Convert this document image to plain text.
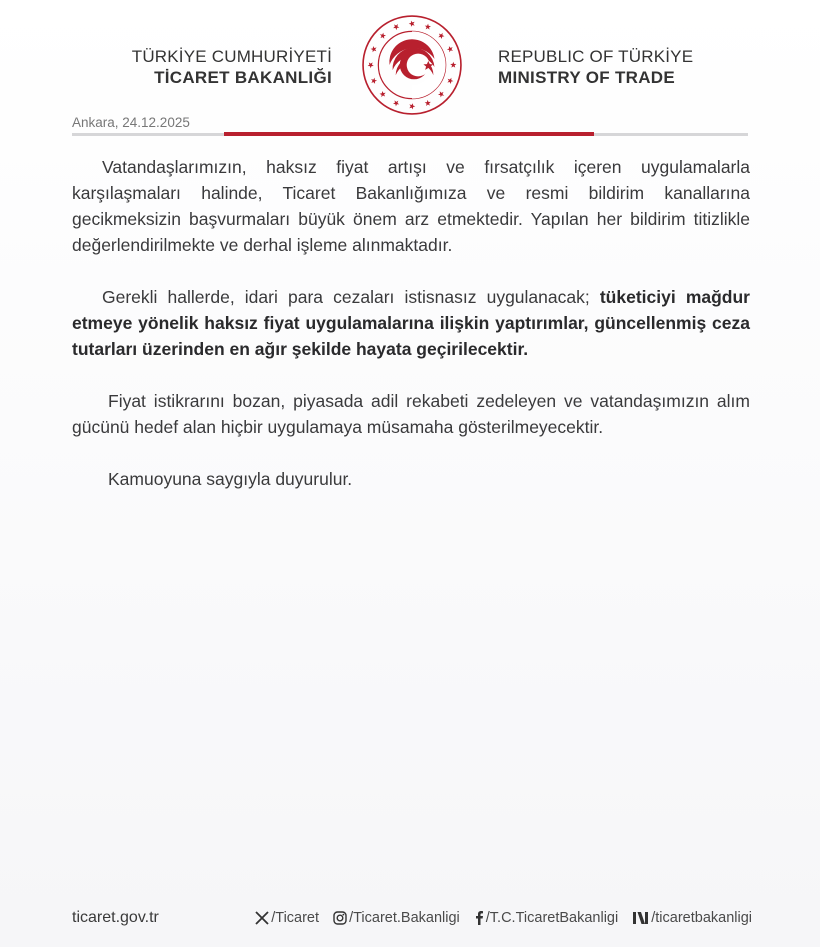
TÜRKİYE CUMHURİYETİ
TİCARET BAKANLIĞI
REPUBLIC OF TÜRKİYE
MINISTRY OF TRADE
Ankara, 24.12.2025

Vatandaşlarımızın, haksız fiyat artışı ve fırsatçılık içeren uygulamalarla karşılaşmaları halinde, Ticaret Bakanlığımıza ve resmi bildirim kanallarına gecikmeksizin başvurmaları büyük önem arz etmektedir. Yapılan her bildirim titizlikle değerlendirilmekte ve derhal işleme alınmaktadır.

Gerekli hallerde, idari para cezaları istisnasız uygulanacak; tüketiciyi mağdur etmeye yönelik haksız fiyat uygulamalarına ilişkin yaptırımlar, güncellenmiş ceza tutarları üzerinden en ağır şekilde hayata geçirilecektir.

Fiyat istikrarını bozan, piyasada adil rekabeti zedeleyen ve vatandaşımızın alım gücünü hedef alan hiçbir uygulamaya müsamaha gösterilmeyecektir.

Kamuoyuna saygıyla duyurulur.

ticaret.gov.tr	/Ticaret /Ticaret.Bakanligi /T.C.TicaretBakanligi /ticaretbakanligi
